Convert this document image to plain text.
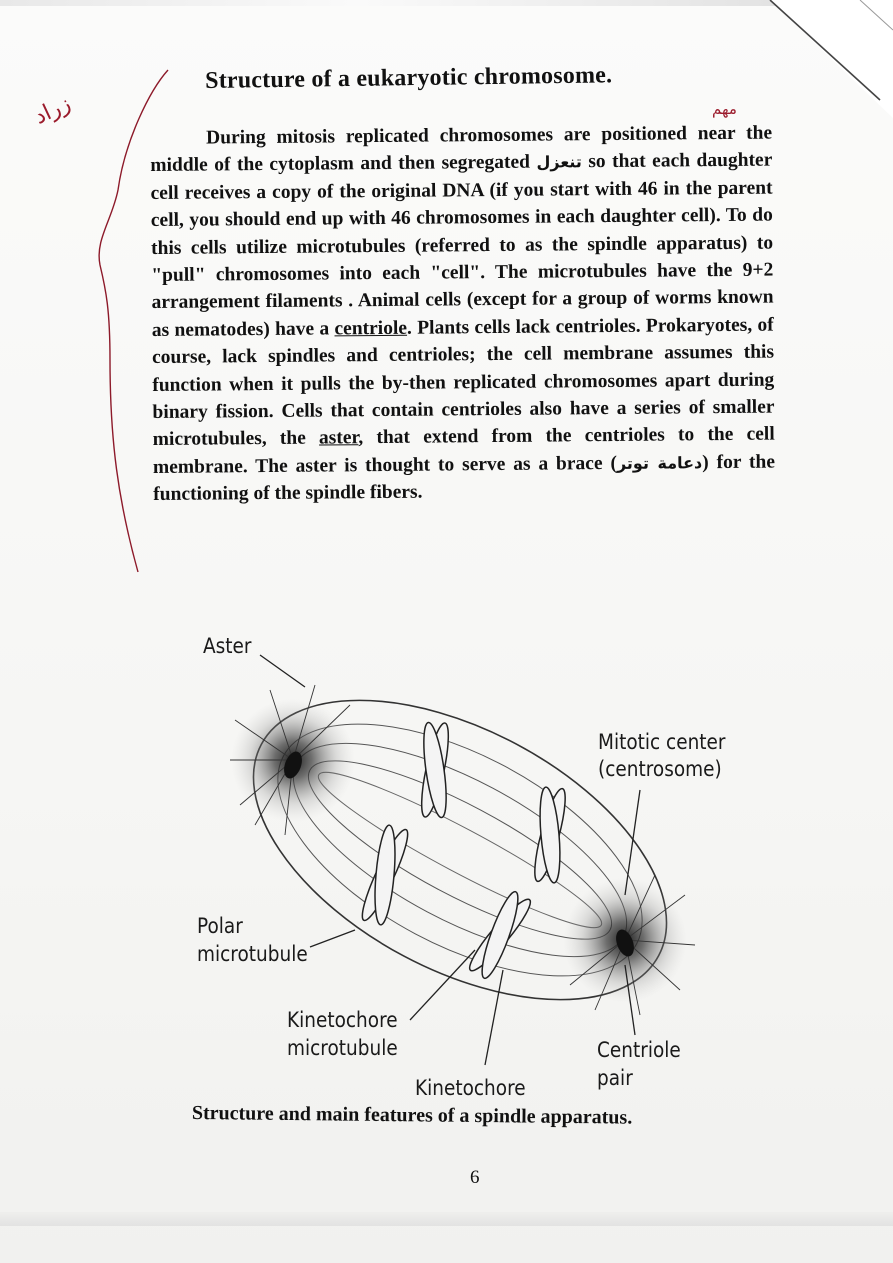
زراد	مهم
Structure of a eukaryotic chromosome.

During mitosis replicated chromosomes are positioned near the middle of the cytoplasm and then segregated تنعزل so that each daughter cell receives a copy of the original DNA (if you start with 46 in the parent cell, you should end up with 46 chromosomes in each daughter cell). To do this cells utilize microtubules (referred to as the spindle apparatus) to "pull" chromosomes into each "cell". The microtubules have the 9+2 arrangement filaments . Animal cells (except for a group of worms known as nematodes) have a centriole. Plants cells lack centrioles. Prokaryotes, of course, lack spindles and centrioles; the cell membrane assumes this function when it pulls the by-then replicated chromosomes apart during binary fission. Cells that contain centrioles also have a series of smaller microtubules, the aster, that extend from the centrioles to the cell membrane. The aster is thought to serve as a brace (دعامة توتر) for the functioning of the spindle fibers.

Aster
Mitotic center
(centrosome)
Polar
microtubule
Kinetochore
microtubule
Kinetochore
Centriole
pair
Structure and main features of a spindle apparatus.
6
